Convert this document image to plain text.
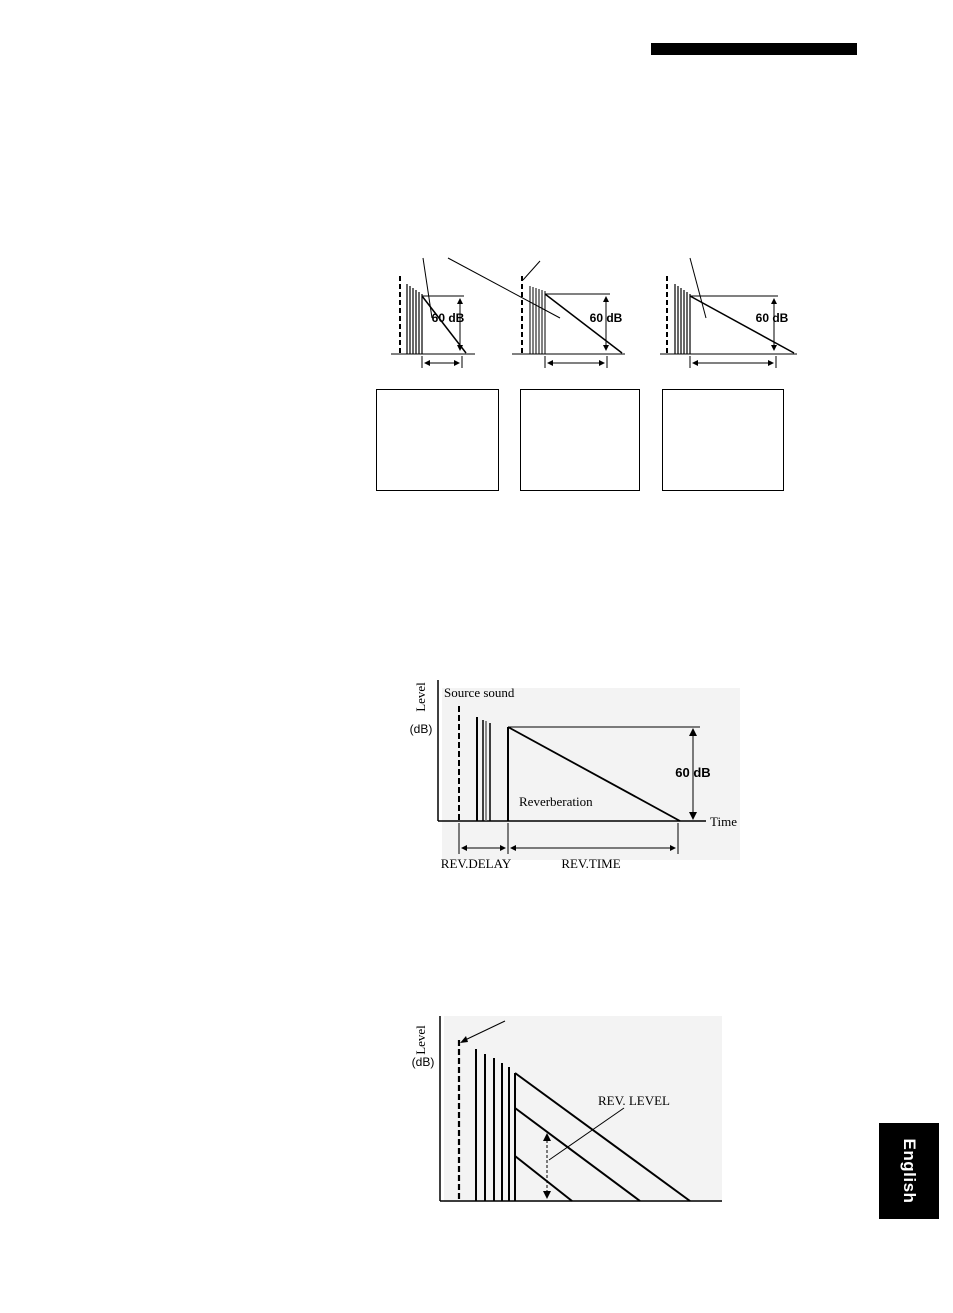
60 dB	60 dB	60 dB
Level
(dB)
Source sound
Reverberation
60 dB
Time
REV.DELAY	REV.TIME
Level
(dB)
REV. LEVEL
English
